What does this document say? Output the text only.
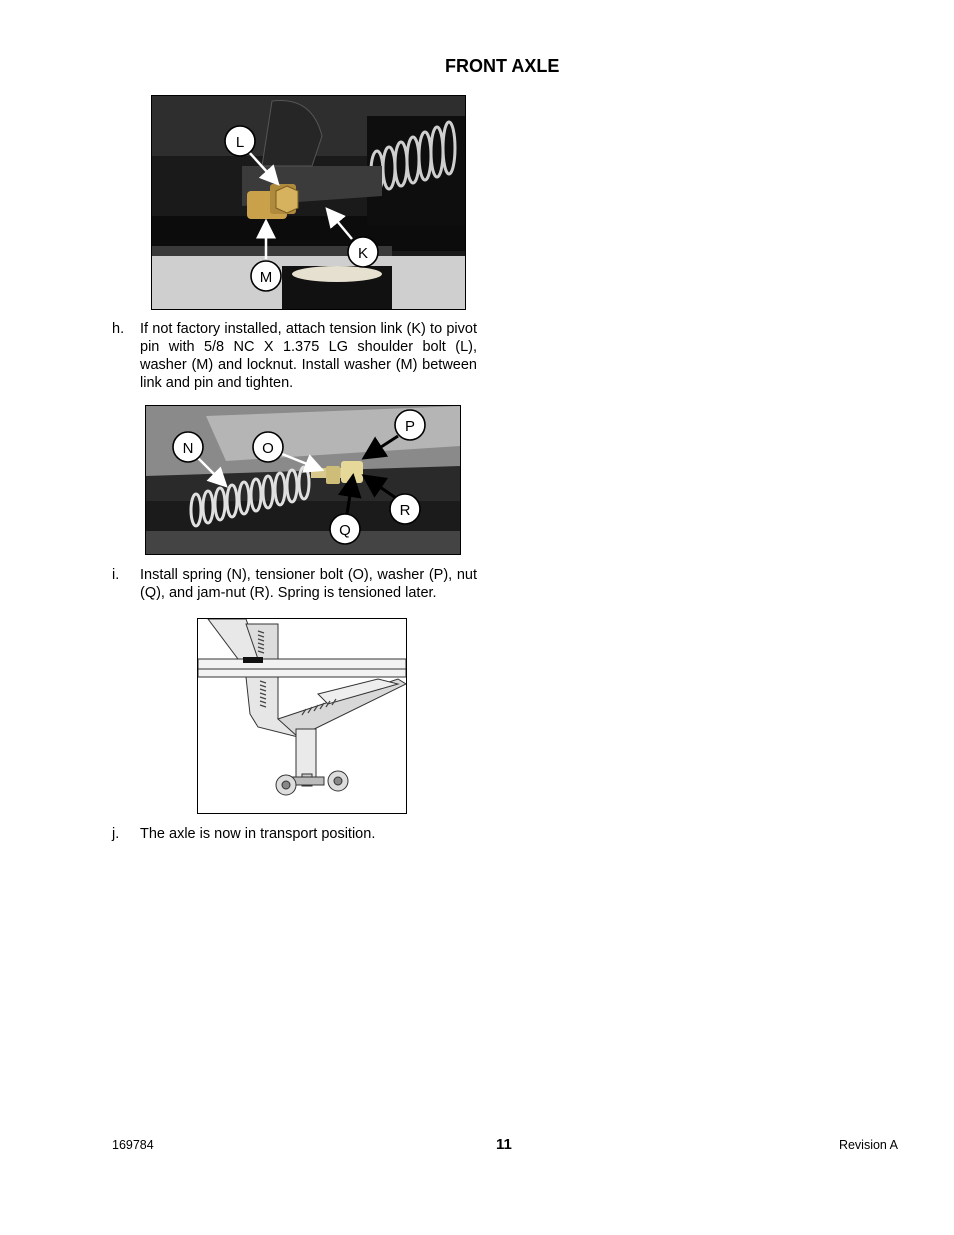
FRONT AXLE
L
K
M
h. If not factory installed, attach tension link (K) to pivot pin with 5/8 NC X 1.375 LG shoulder bolt (L), washer (M) and locknut. Install washer (M) between link and pin and tighten.
N	O
P
R
Q
i. Install spring (N), tensioner bolt (O), washer (P), nut (Q), and jam-nut (R). Spring is tensioned later.
j. The axle is now in transport position.
169784	11	Revision A
